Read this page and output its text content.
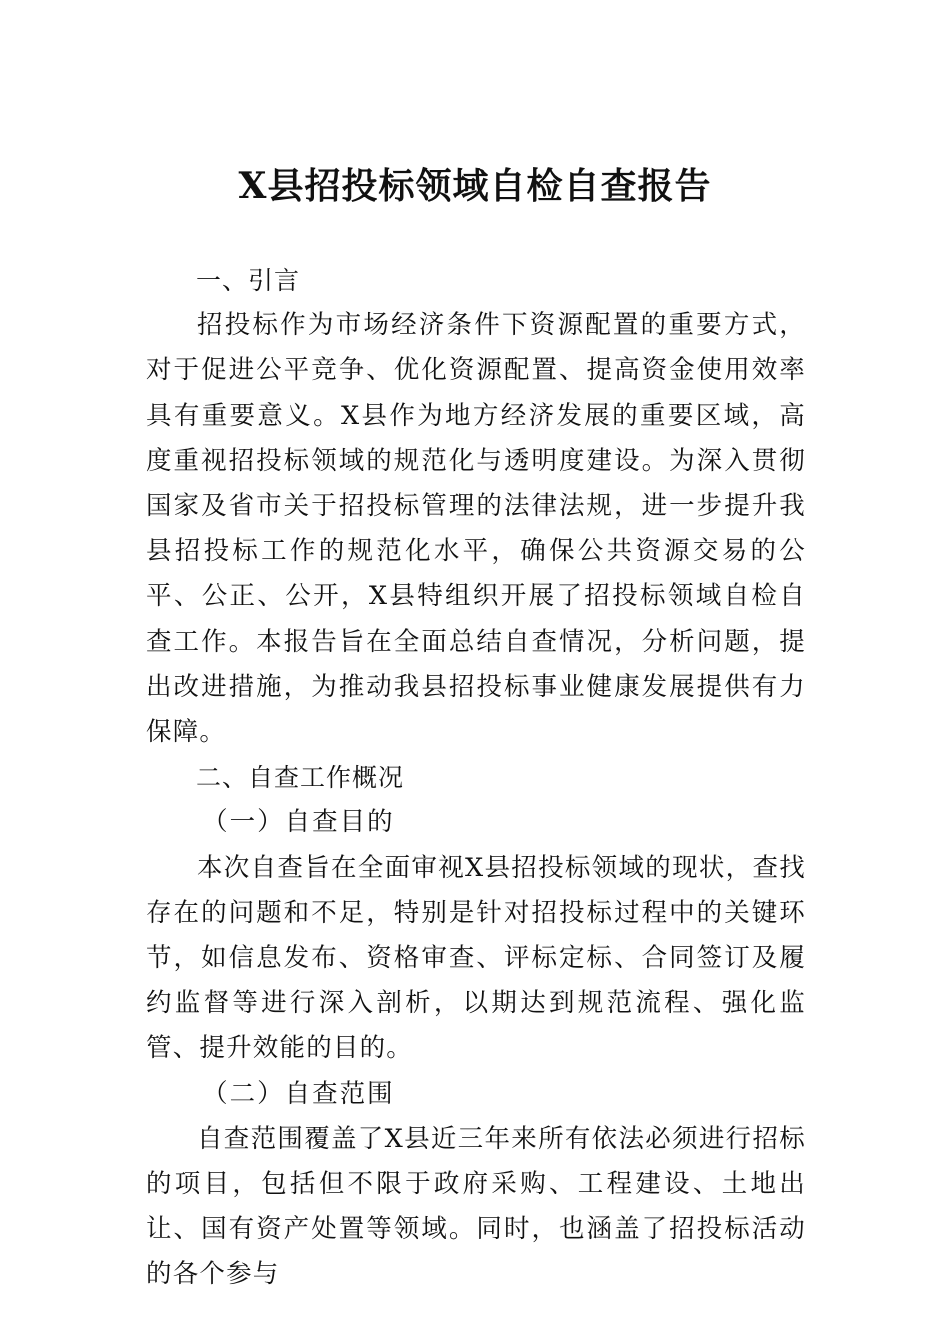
X县招投标领域自检自查报告
一、引言

招投标作为市场经济条件下资源配置的重要方式，对于促进公平竞争、优化资源配置、提高资金使用效率具有重要意义。X县作为地方经济发展的重要区域，高度重视招投标领域的规范化与透明度建设。为深入贯彻国家及省市关于招投标管理的法律法规，进一步提升我县招投标工作的规范化水平，确保公共资源交易的公平、公正、公开，X县特组织开展了招投标领域自检自查工作。本报告旨在全面总结自查情况，分析问题，提出改进措施，为推动我县招投标事业健康发展提供有力保障。

二、自查工作概况
（一）自查目的

本次自查旨在全面审视X县招投标领域的现状，查找存在的问题和不足，特别是针对招投标过程中的关键环节，如信息发布、资格审查、评标定标、合同签订及履约监督等进行深入剖析，以期达到规范流程、强化监管、提升效能的目的。

（二）自查范围

自查范围覆盖了X县近三年来所有依法必须进行招标的项目，包括但不限于政府采购、工程建设、土地出让、国有资产处置等领域。同时，也涵盖了招投标活动的各个参与
